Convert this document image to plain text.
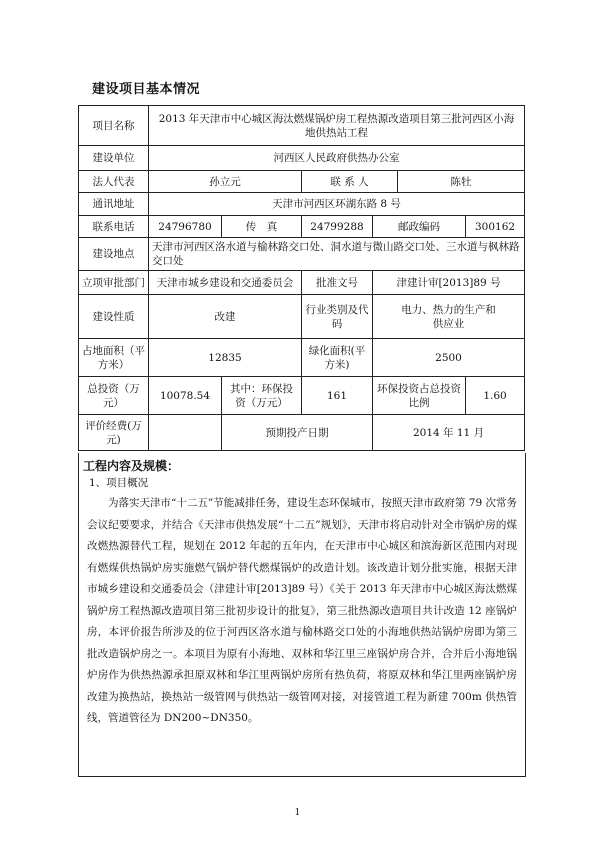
建设项目基本情况
项目名称	2013 年天津市中心城区海汰燃煤锅炉房工程热源改造项目第三批河西区小海地供热站工程					
建设单位	河西区人民政府供热办公室					
法人代表	孙立元		联 系 人		陈牡	
通讯地址	天津市河西区环湖东路 8 号					
联系电话	24796780	传　真	24799288	邮政编码		300162
建设地点	天津市河西区洛水道与榆林路交口处、洞水道与微山路交口处、三水道与枫林路交口处					
立项审批部门	天津市城乡建设和交通委员会		批准文号	津建计审[2013]89 号		
建设性质	改建		行业类别及代码	电力、热力的生产和供应业		
占地面积（平方米）	12835		绿化面积(平方米)	2500		
总投资（万元）	10078.54	其中：环保投资（万元）	161	环保投资占总投资比例		1.60
评价经费(万元)		预期投产日期		2014 年 11 月		
工程内容及规模：
1、项目概况

为落实天津市“十二五”节能减排任务，建设生态环保城市，按照天津市政府第 79 次常务会议纪要要求，并结合《天津市供热发展“十二五”规划》，天津市将启动针对全市锅炉房的煤改燃热源替代工程，规划在 2012 年起的五年内，在天津市中心城区和滨海新区范围内对现有燃煤供热锅炉房实施燃气锅炉替代燃煤锅炉的改造计划。该改造计划分批实施，根据天津市城乡建设和交通委员会（津建计审[2013]89 号）《关于 2013 年天津市中心城区海汰燃煤锅炉房工程热源改造项目第三批初步设计的批复》，第三批热源改造项目共计改造 12 座锅炉房，本评价报告所涉及的位于河西区洛水道与榆林路交口处的小海地供热站锅炉房即为第三批改造锅炉房之一。本项目为原有小海地、双林和华江里三座锅炉房合并，合并后小海地锅炉房作为供热热源承担原双林和华江里两锅炉房所有热负荷，将原双林和华江里两座锅炉房改建为换热站，换热站一级管网与供热站一级管网对接，对接管道工程为新建 700m 供热管线，管道管径为 DN200~DN350。

1
